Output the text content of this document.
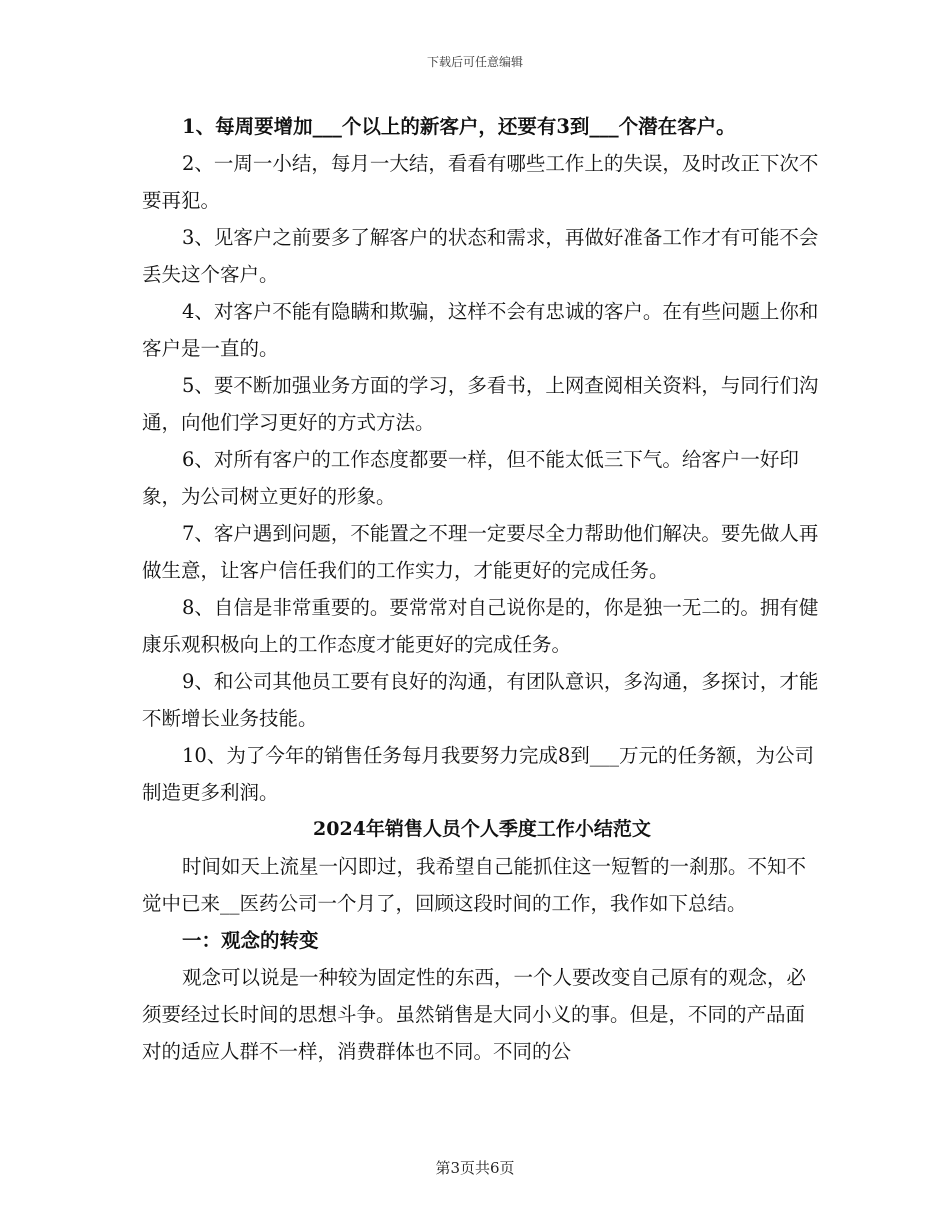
下载后可任意编辑

1、每周要增加___个以上的新客户，还要有3到___个潜在客户。

2、一周一小结，每月一大结，看看有哪些工作上的失误，及时改正下次不要再犯。

3、见客户之前要多了解客户的状态和需求，再做好准备工作才有可能不会丢失这个客户。

4、对客户不能有隐瞒和欺骗，这样不会有忠诚的客户。在有些问题上你和客户是一直的。

5、要不断加强业务方面的学习，多看书，上网查阅相关资料，与同行们沟通，向他们学习更好的方式方法。

6、对所有客户的工作态度都要一样，但不能太低三下气。给客户一好印象，为公司树立更好的形象。

7、客户遇到问题，不能置之不理一定要尽全力帮助他们解决。要先做人再做生意，让客户信任我们的工作实力，才能更好的完成任务。

8、自信是非常重要的。要常常对自己说你是的，你是独一无二的。拥有健康乐观积极向上的工作态度才能更好的完成任务。

9、和公司其他员工要有良好的沟通，有团队意识，多沟通，多探讨，才能不断增长业务技能。

10、为了今年的销售任务每月我要努力完成8到___万元的任务额，为公司制造更多利润。

2024年销售人员个人季度工作小结范文

时间如天上流星一闪即过，我希望自己能抓住这一短暂的一刹那。不知不觉中已来__医药公司一个月了，回顾这段时间的工作，我作如下总结。

一：观念的转变

观念可以说是一种较为固定性的东西，一个人要改变自己原有的观念，必须要经过长时间的思想斗争。虽然销售是大同小义的事。但是，不同的产品面对的适应人群不一样，消费群体也不同。不同的公

第3页共6页
